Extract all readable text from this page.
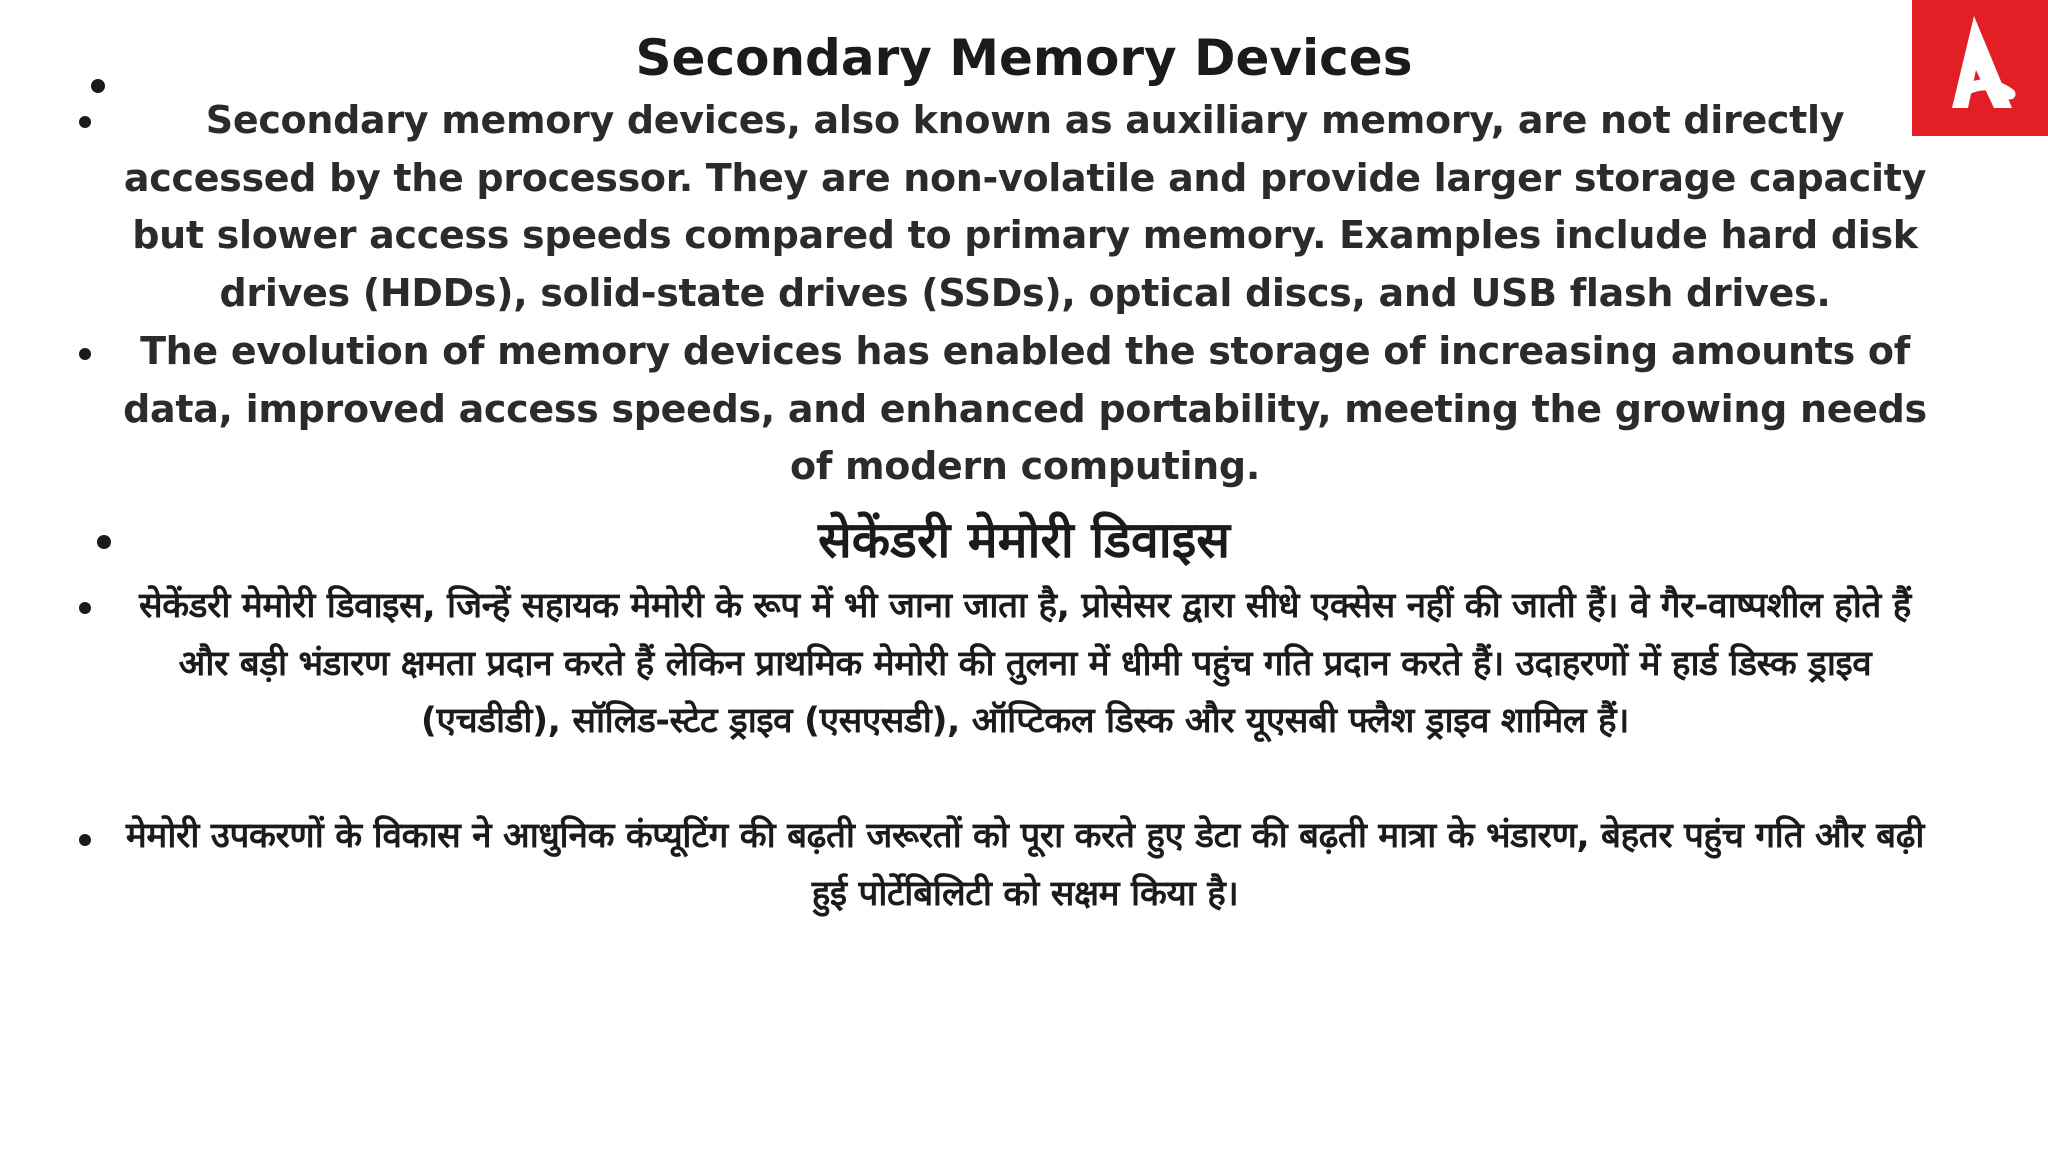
Secondary Memory Devices

Secondary memory devices, also known as auxiliary memory, are not directly accessed by the processor. They are non-volatile and provide larger storage capacity but slower access speeds compared to primary memory. Examples include hard disk drives (HDDs), solid-state drives (SSDs), optical discs, and USB flash drives.

The evolution of memory devices has enabled the storage of increasing amounts of data, improved access speeds, and enhanced portability, meeting the growing needs of modern computing.

सेकेंडरी मेमोरी डिवाइस

सेकेंडरी मेमोरी डिवाइस, जिन्हें सहायक मेमोरी के रूप में भी जाना जाता है, प्रोसेसर द्वारा सीधे एक्सेस नहीं की जाती हैं। वे गैर-वाष्पशील होते हैं और बड़ी भंडारण क्षमता प्रदान करते हैं लेकिन प्राथमिक मेमोरी की तुलना में धीमी पहुंच गति प्रदान करते हैं। उदाहरणों में हार्ड डिस्क ड्राइव (एचडीडी), सॉलिड-स्टेट ड्राइव (एसएसडी), ऑप्टिकल डिस्क और यूएसबी फ्लैश ड्राइव शामिल हैं।

मेमोरी उपकरणों के विकास ने आधुनिक कंप्यूटिंग की बढ़ती जरूरतों को पूरा करते हुए डेटा की बढ़ती मात्रा के भंडारण, बेहतर पहुंच गति और बढ़ी हुई पोर्टेबिलिटी को सक्षम किया है।
